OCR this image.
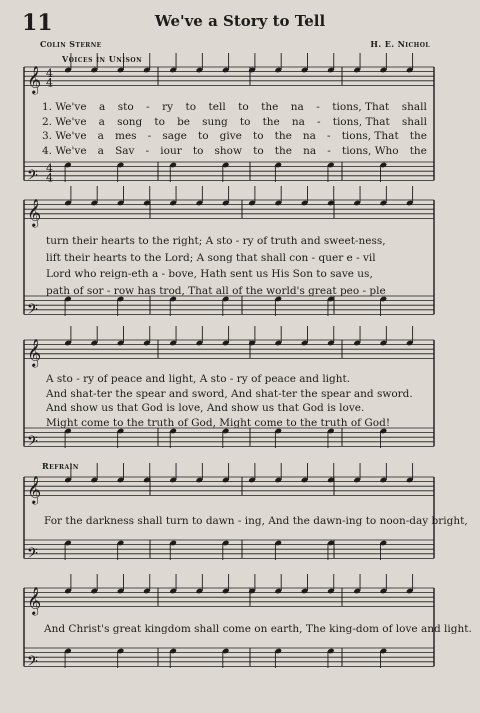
11	We've a Story to Tell
Colin Sterne	H. E. Nichol
Voices in Unison
Refrain
𝄞
𝄢
𝄞
𝄢
𝄞
𝄢
𝄞
𝄢
𝄞
𝄢
4
4
4
4
1. We've a sto - ry to tell to the na - tions, That shall
2. We've a song to be sung to the na - tions, That shall
3. We've a mes - sage to give to the na - tions, That the
4. We've a Sav - iour to show to the na - tions, Who the
turn their hearts to the right; A sto - ry of truth and sweet-ness,
lift their hearts to the Lord; A song that shall con - quer e - vil
Lord who reign-eth a - bove, Hath sent us His Son to save us,
path of sor - row has trod, That all of the world's great peo - ple
A sto - ry of peace and light, A sto - ry of peace and light.
And shat-ter the spear and sword, And shat-ter the spear and sword.
And show us that God is love, And show us that God is love.
Might come to the truth of God, Might come to the truth of God!
For the darkness shall turn to dawn - ing, And the dawn-ing to noon-day bright,
And Christ's great kingdom shall come on earth, The king-dom of love and light.
